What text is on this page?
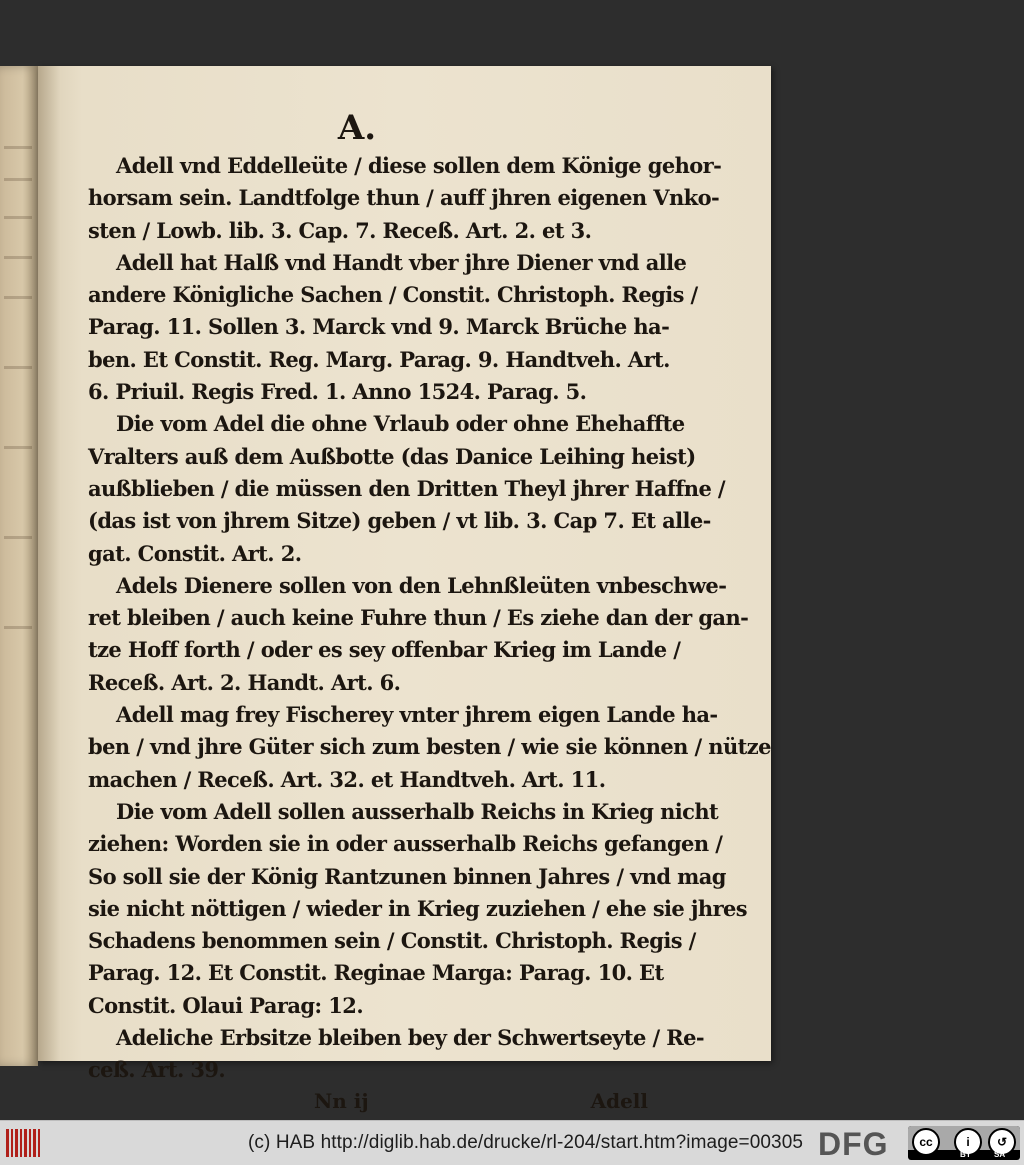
A.
Adell vnd Eddelleüte / diese sollen dem Könige gehor-
horsam sein. Landtfolge thun / auff jhren eigenen Vnko-
sten / Lowb. lib. 3. Cap. 7. Receß. Art. 2. et 3.
Adell hat Halß vnd Handt vber jhre Diener vnd alle
andere Königliche Sachen / Constit. Christoph. Regis /
Parag. 11. Sollen 3. Marck vnd 9. Marck Brüche ha-
ben. Et Constit. Reg. Marg. Parag. 9. Handtveh. Art.
6. Priuil. Regis Fred. 1. Anno 1524. Parag. 5.
Die vom Adel die ohne Vrlaub oder ohne Ehehaffte
Vralters auß dem Außbotte (das Danice Leihing heist)
außblieben / die müssen den Dritten Theyl jhrer Haffne /
(das ist von jhrem Sitze) geben / vt lib. 3. Cap 7. Et alle-
gat. Constit. Art. 2.
Adels Dienere sollen von den Lehnßleüten vnbeschwe-
ret bleiben / auch keine Fuhre thun / Es ziehe dan der gan-
tze Hoff forth / oder es sey offenbar Krieg im Lande /
Receß. Art. 2. Handt. Art. 6.
Adell mag frey Fischerey vnter jhrem eigen Lande ha-
ben / vnd jhre Güter sich zum besten / wie sie können / nütze
machen / Receß. Art. 32. et Handtveh. Art. 11.
Die vom Adell sollen ausserhalb Reichs in Krieg nicht
ziehen: Worden sie in oder ausserhalb Reichs gefangen /
So soll sie der König Rantzunen binnen Jahres / vnd mag
sie nicht nöttigen / wieder in Krieg zuziehen / ehe sie jhres
Schadens benommen sein / Constit. Christoph. Regis /
Parag. 12. Et Constit. Reginae Marga: Parag. 10. Et
Constit. Olaui Parag: 12.
Adeliche Erbsitze bleiben bey der Schwertseyte / Re-
ceß. Art. 39.
Nn ij	Adell
(c) HAB http://diglib.hab.de/drucke/rl-204/start.htm?image=00305 DFG	cc	i	↺
BY	SA
